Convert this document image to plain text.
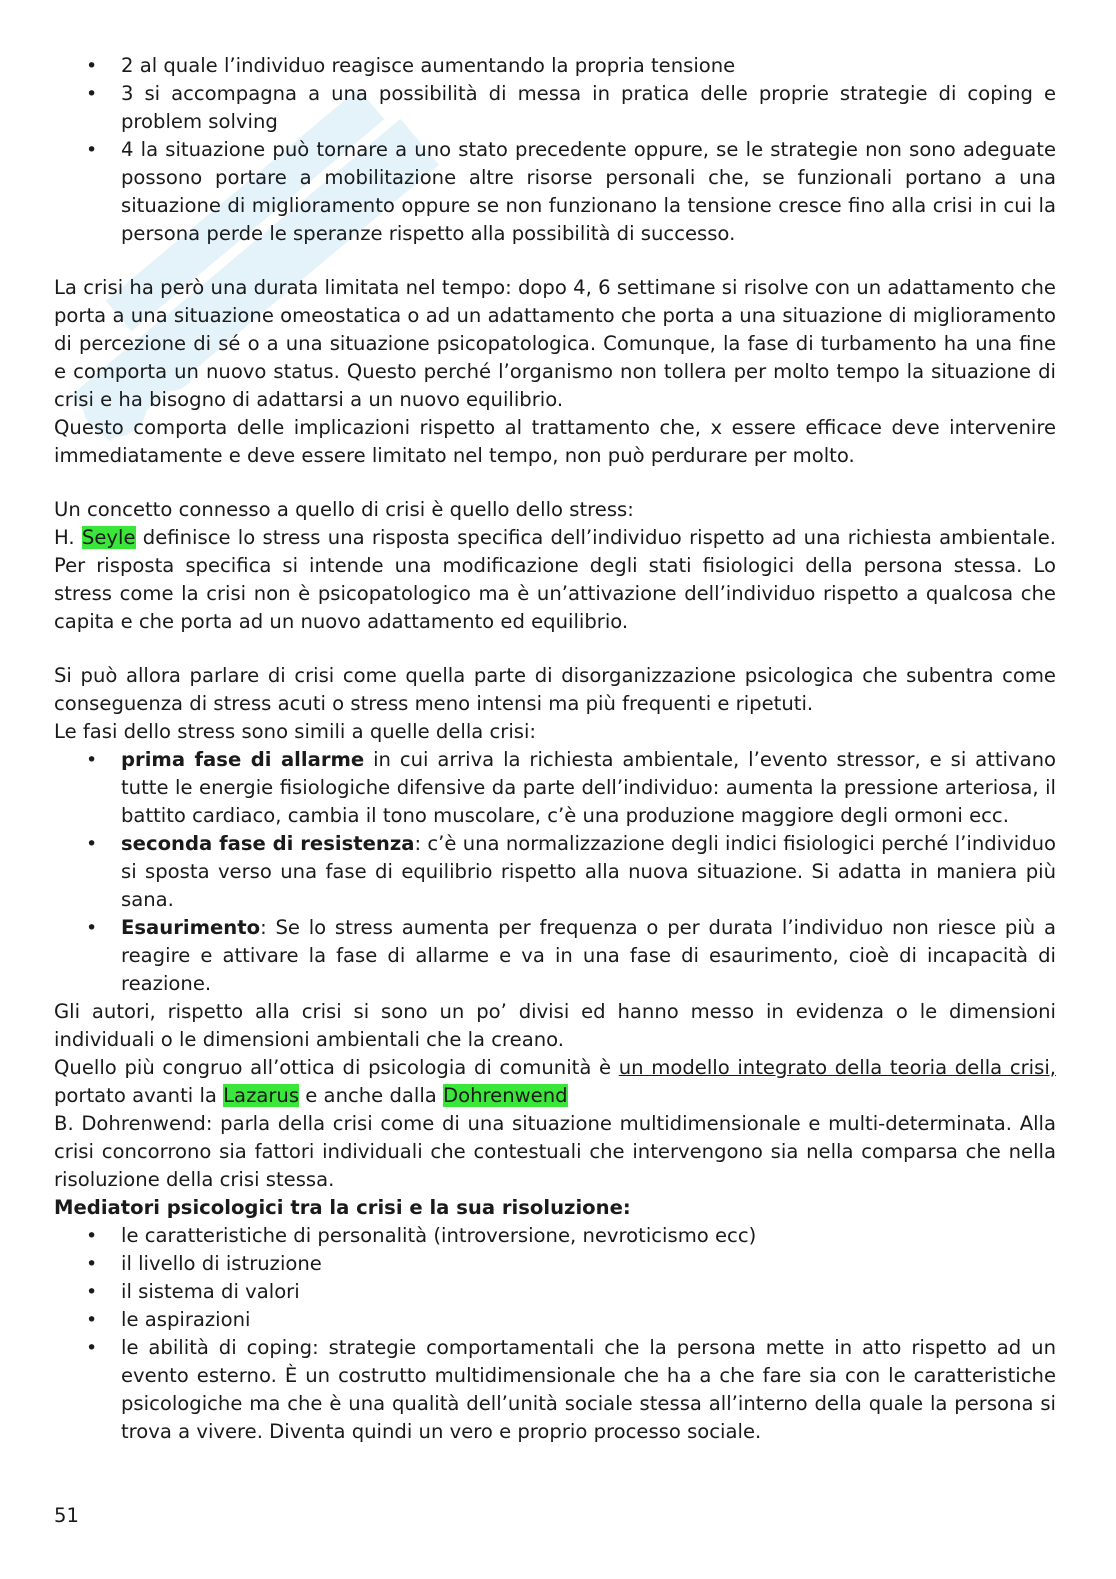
• 2 al quale l’individuo reagisce aumentando la propria tensione
• 3 si accompagna a una possibilità di messa in pratica delle proprie strategie di coping e problem solving
• 4 la situazione può tornare a uno stato precedente oppure, se le strategie non sono adeguate possono portare a mobilitazione altre risorse personali che, se funzionali portano a una situazione di miglioramento oppure se non funzionano la tensione cresce fino alla crisi in cui la persona perde le speranze rispetto alla possibilità di successo.

La crisi ha però una durata limitata nel tempo: dopo 4, 6 settimane si risolve con un adattamento che porta a una situazione omeostatica o ad un adattamento che porta a una situazione di miglioramento di percezione di sé o a una situazione psicopatologica. Comunque, la fase di turbamento ha una fine e comporta un nuovo status. Questo perché l’organismo non tollera per molto tempo la situazione di crisi e ha bisogno di adattarsi a un nuovo equilibrio.

Questo comporta delle implicazioni rispetto al trattamento che, x essere efficace deve intervenire immediatamente e deve essere limitato nel tempo, non può perdurare per molto.

Un concetto connesso a quello di crisi è quello dello stress:

H. Seyle definisce lo stress una risposta specifica dell’individuo rispetto ad una richiesta ambientale. Per risposta specifica si intende una modificazione degli stati fisiologici della persona stessa. Lo stress come la crisi non è psicopatologico ma è un’attivazione dell’individuo rispetto a qualcosa che capita e che porta ad un nuovo adattamento ed equilibrio.

Si può allora parlare di crisi come quella parte di disorganizzazione psicologica che subentra come conseguenza di stress acuti o stress meno intensi ma più frequenti e ripetuti.

Le fasi dello stress sono simili a quelle della crisi:

• prima fase di allarme in cui arriva la richiesta ambientale, l’evento stressor, e si attivano tutte le energie fisiologiche difensive da parte dell’individuo: aumenta la pressione arteriosa, il battito cardiaco, cambia il tono muscolare, c’è una produzione maggiore degli ormoni ecc.
• seconda fase di resistenza: c’è una normalizzazione degli indici fisiologici perché l’individuo si sposta verso una fase di equilibrio rispetto alla nuova situazione. Si adatta in maniera più sana.
• Esaurimento: Se lo stress aumenta per frequenza o per durata l’individuo non riesce più a reagire e attivare la fase di allarme e va in una fase di esaurimento, cioè di incapacità di reazione.

Gli autori, rispetto alla crisi si sono un po’ divisi ed hanno messo in evidenza o le dimensioni individuali o le dimensioni ambientali che la creano.

Quello più congruo all’ottica di psicologia di comunità è un modello integrato della teoria della crisi, portato avanti la Lazarus e anche dalla Dohrenwend

B. Dohrenwend: parla della crisi come di una situazione multidimensionale e multi-determinata. Alla crisi concorrono sia fattori individuali che contestuali che intervengono sia nella comparsa che nella risoluzione della crisi stessa.

Mediatori psicologici tra la crisi e la sua risoluzione:

• le caratteristiche di personalità (introversione, nevroticismo ecc)
• il livello di istruzione
• il sistema di valori
• le aspirazioni
• le abilità di coping: strategie comportamentali che la persona mette in atto rispetto ad un evento esterno. È un costrutto multidimensionale che ha a che fare sia con le caratteristiche psicologiche ma che è una qualità dell’unità sociale stessa all’interno della quale la persona si trova a vivere. Diventa quindi un vero e proprio processo sociale.
51
